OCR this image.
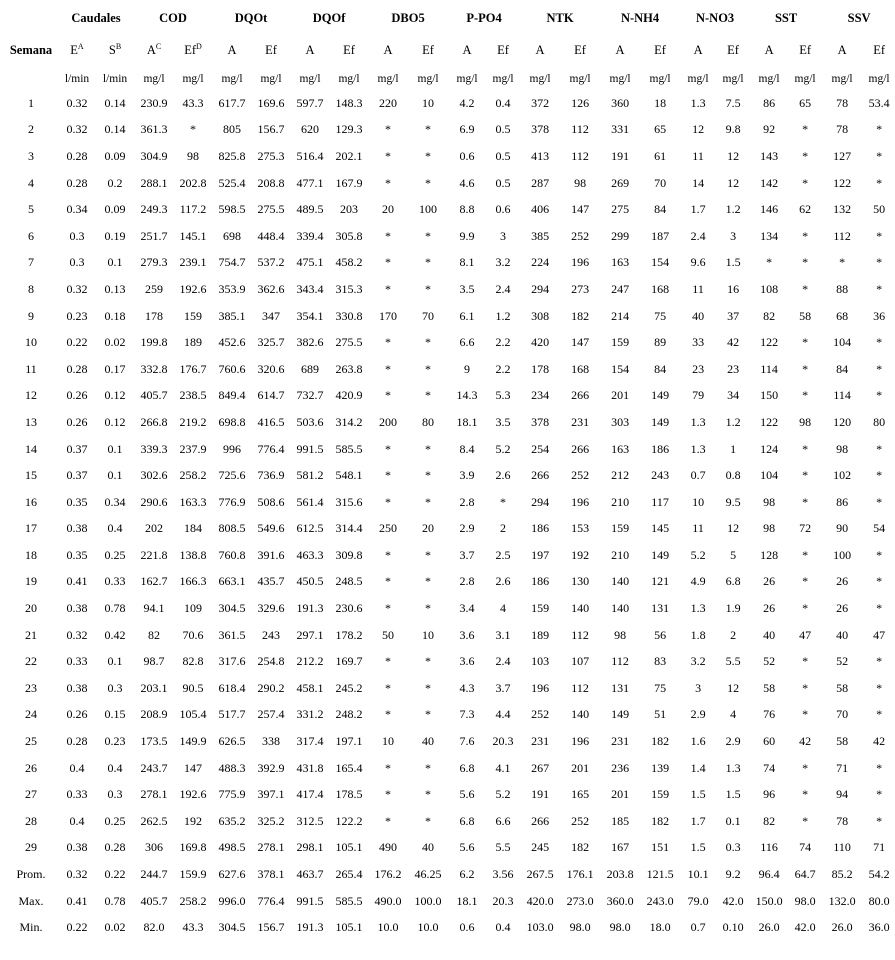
	Caudales		COD		DQOt		DQOf		DBO5		P-PO4		NTK		N-NH4		N-NO3		SST		SSV	
Semana	$E^A$	$S^B$	$A^C$	$Ef^D$	A	Ef	A	Ef	A	Ef	A	Ef	A	Ef	A	Ef	A	Ef	A	Ef	A	Ef
	l/min	l/min	mg/l	mg/l	mg/l	mg/l	mg/l	mg/l	mg/l	mg/l	mg/l	mg/l	mg/l	mg/l	mg/l	mg/l	mg/l	mg/l	mg/l	mg/l	mg/l	mg/l
1	0.32	0.14	230.9	43.3	617.7	169.6	597.7	148.3	220	10	4.2	0.4	372	126	360	18	1.3	7.5	86	65	78	53.4
2	0.32	0.14	361.3	*	805	156.7	620	129.3	*	*	6.9	0.5	378	112	331	65	12	9.8	92	*	78	*
3	0.28	0.09	304.9	98	825.8	275.3	516.4	202.1	*	*	0.6	0.5	413	112	191	61	11	12	143	*	127	*
4	0.28	0.2	288.1	202.8	525.4	208.8	477.1	167.9	*	*	4.6	0.5	287	98	269	70	14	12	142	*	122	*
5	0.34	0.09	249.3	117.2	598.5	275.5	489.5	203	20	100	8.8	0.6	406	147	275	84	1.7	1.2	146	62	132	50
6	0.3	0.19	251.7	145.1	698	448.4	339.4	305.8	*	*	9.9	3	385	252	299	187	2.4	3	134	*	112	*
7	0.3	0.1	279.3	239.1	754.7	537.2	475.1	458.2	*	*	8.1	3.2	224	196	163	154	9.6	1.5	*	*	*	*
8	0.32	0.13	259	192.6	353.9	362.6	343.4	315.3	*	*	3.5	2.4	294	273	247	168	11	16	108	*	88	*
9	0.23	0.18	178	159	385.1	347	354.1	330.8	170	70	6.1	1.2	308	182	214	75	40	37	82	58	68	36
10	0.22	0.02	199.8	189	452.6	325.7	382.6	275.5	*	*	6.6	2.2	420	147	159	89	33	42	122	*	104	*
11	0.28	0.17	332.8	176.7	760.6	320.6	689	263.8	*	*	9	2.2	178	168	154	84	23	23	114	*	84	*
12	0.26	0.12	405.7	238.5	849.4	614.7	732.7	420.9	*	*	14.3	5.3	234	266	201	149	79	34	150	*	114	*
13	0.26	0.12	266.8	219.2	698.8	416.5	503.6	314.2	200	80	18.1	3.5	378	231	303	149	1.3	1.2	122	98	120	80
14	0.37	0.1	339.3	237.9	996	776.4	991.5	585.5	*	*	8.4	5.2	254	266	163	186	1.3	1	124	*	98	*
15	0.37	0.1	302.6	258.2	725.6	736.9	581.2	548.1	*	*	3.9	2.6	266	252	212	243	0.7	0.8	104	*	102	*
16	0.35	0.34	290.6	163.3	776.9	508.6	561.4	315.6	*	*	2.8	*	294	196	210	117	10	9.5	98	*	86	*
17	0.38	0.4	202	184	808.5	549.6	612.5	314.4	250	20	2.9	2	186	153	159	145	11	12	98	72	90	54
18	0.35	0.25	221.8	138.8	760.8	391.6	463.3	309.8	*	*	3.7	2.5	197	192	210	149	5.2	5	128	*	100	*
19	0.41	0.33	162.7	166.3	663.1	435.7	450.5	248.5	*	*	2.8	2.6	186	130	140	121	4.9	6.8	26	*	26	*
20	0.38	0.78	94.1	109	304.5	329.6	191.3	230.6	*	*	3.4	4	159	140	140	131	1.3	1.9	26	*	26	*
21	0.32	0.42	82	70.6	361.5	243	297.1	178.2	50	10	3.6	3.1	189	112	98	56	1.8	2	40	47	40	47
22	0.33	0.1	98.7	82.8	317.6	254.8	212.2	169.7	*	*	3.6	2.4	103	107	112	83	3.2	5.5	52	*	52	*
23	0.38	0.3	203.1	90.5	618.4	290.2	458.1	245.2	*	*	4.3	3.7	196	112	131	75	3	12	58	*	58	*
24	0.26	0.15	208.9	105.4	517.7	257.4	331.2	248.2	*	*	7.3	4.4	252	140	149	51	2.9	4	76	*	70	*
25	0.28	0.23	173.5	149.9	626.5	338	317.4	197.1	10	40	7.6	20.3	231	196	231	182	1.6	2.9	60	42	58	42
26	0.4	0.4	243.7	147	488.3	392.9	431.8	165.4	*	*	6.8	4.1	267	201	236	139	1.4	1.3	74	*	71	*
27	0.33	0.3	278.1	192.6	775.9	397.1	417.4	178.5	*	*	5.6	5.2	191	165	201	159	1.5	1.5	96	*	94	*
28	0.4	0.25	262.5	192	635.2	325.2	312.5	122.2	*	*	6.8	6.6	266	252	185	182	1.7	0.1	82	*	78	*
29	0.38	0.28	306	169.8	498.5	278.1	298.1	105.1	490	40	5.6	5.5	245	182	167	151	1.5	0.3	116	74	110	71
Prom.	0.32	0.22	244.7	159.9	627.6	378.1	463.7	265.4	176.2	46.25	6.2	3.56	267.5	176.1	203.8	121.5	10.1	9.2	96.4	64.7	85.2	54.2
Max.	0.41	0.78	405.7	258.2	996.0	776.4	991.5	585.5	490.0	100.0	18.1	20.3	420.0	273.0	360.0	243.0	79.0	42.0	150.0	98.0	132.0	80.0
Min.	0.22	0.02	82.0	43.3	304.5	156.7	191.3	105.1	10.0	10.0	0.6	0.4	103.0	98.0	98.0	18.0	0.7	0.10	26.0	42.0	26.0	36.0
